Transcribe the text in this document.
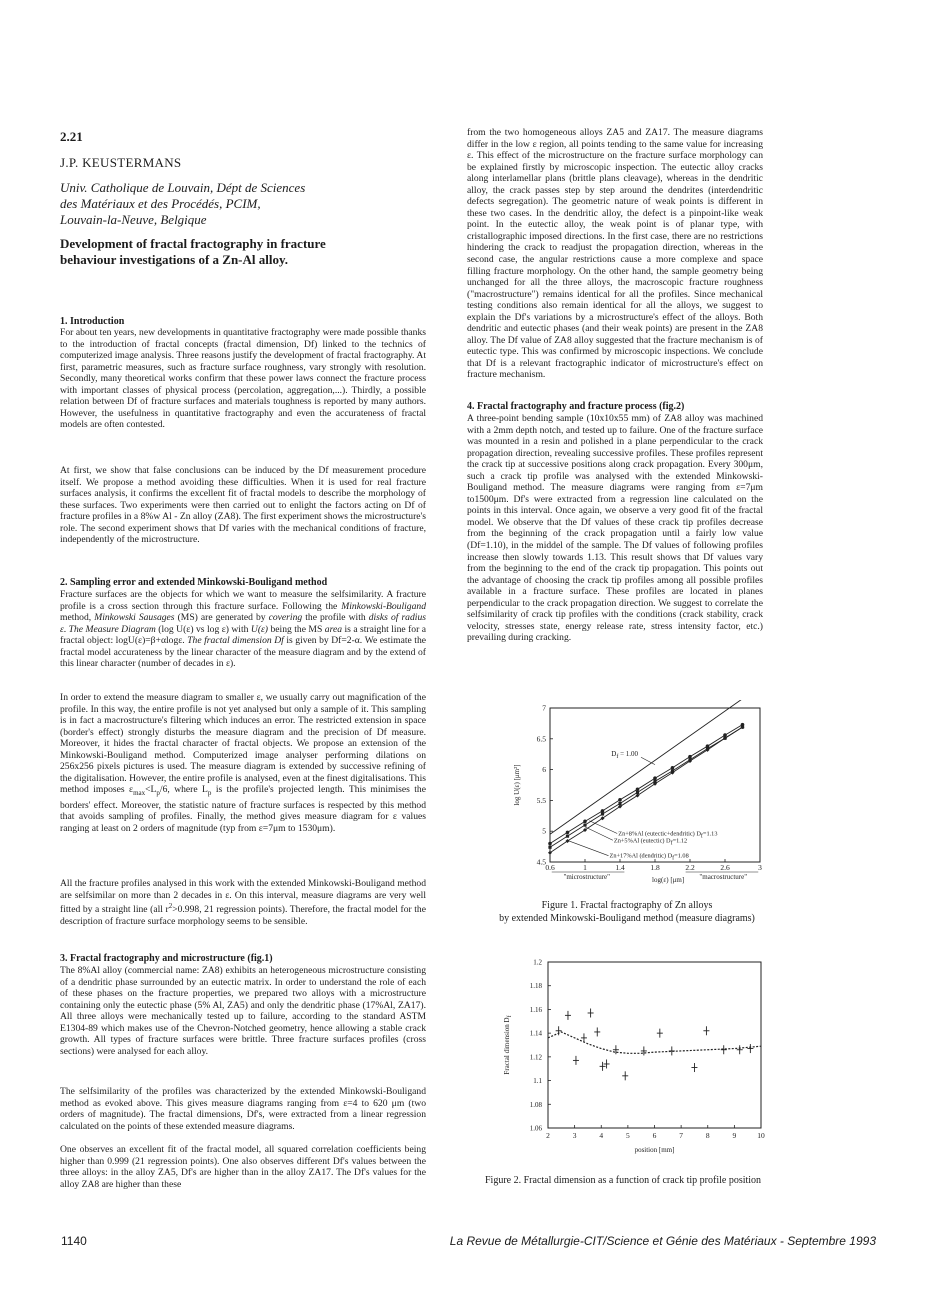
2.21
J.P. KEUSTERMANS
Univ. Catholique de Louvain, Dépt de Sciences
des Matériaux et des Procédés, PCIM,
Louvain-la-Neuve, Belgique
Development of fractal fractography in fracture
behaviour investigations of a Zn-Al alloy.
1. Introduction

For about ten years, new developments in quantitative fractography were made possible thanks to the introduction of fractal concepts (fractal dimension, Df) linked to the technics of computerized image analysis. Three reasons justify the development of fractal fractography. At first, parametric measures, such as fracture surface roughness, vary strongly with resolution. Secondly, many theoretical works confirm that these power laws connect the fracture process with important classes of physical process (percolation, aggregation,...). Thirdly, a possible relation between Df of fracture surfaces and materials toughness is reported by many authors. However, the usefulness in quantitative fractography and even the accurateness of fractal models are often contested.

At first, we show that false conclusions can be induced by the Df measurement procedure itself. We propose a method avoiding these difficulties. When it is used for real fracture surfaces analysis, it confirms the excellent fit of fractal models to describe the morphology of these surfaces. Two experiments were then carried out to enlight the factors acting on Df of fracture profiles in a 8%w Al - Zn alloy (ZA8). The first experiment shows the microstructure's role. The second experiment shows that Df varies with the mechanical conditions of fracture, independently of the microstructure.

2. Sampling error and extended Minkowski-Bouligand method

Fracture surfaces are the objects for which we want to measure the selfsimilarity. A fracture profile is a cross section through this fracture surface. Following the Minkowski-Bouligand method, Minkowski Sausages (MS) are generated by covering the profile with disks of radius ε. The Measure Diagram (log U(ε) vs log ε) with U(ε) being the MS area is a straight line for a fractal object: logU(ε)=β+αlogε. The fractal dimension Df is given by Df=2-α. We estimate the fractal model accurateness by the linear character of the measure diagram and by the extend of this linear character (number of decades in ε).

In order to extend the measure diagram to smaller ε, we usually carry out magnification of the profile. In this way, the entire profile is not yet analysed but only a sample of it. This sampling is in fact a macrostructure's filtering which induces an error. The restricted extension in space (border's effect) strongly disturbs the measure diagram and the precision of Df measure. Moreover, it hides the fractal character of fractal objects. We propose an extension of the Minkowski-Bouligand method. Computerized image analyser performing dilations on 256x256 pixels pictures is used. The measure diagram is extended by successive refining of the digitalisation. However, the entire profile is analysed, even at the finest digitalisations. This method imposes $\varepsilon_{max}<L_p/6$, where $L_p$ is the profile's projected length. This minimises the borders' effect. Moreover, the statistic nature of fracture surfaces is respected by this method that avoids sampling of profiles. Finally, the method gives measure diagram for ε values ranging at least on 2 orders of magnitude (typ from ε=7μm to 1530μm).

All the fracture profiles analysed in this work with the extended Minkowski-Bouligand method are selfsimilar on more than 2 decades in ε. On this interval, measure diagrams are very well fitted by a straight line (all $r^2>0.998$, 21 regression points). Therefore, the fractal model for the description of fracture surface morphology seems to be sensible.

3. Fractal fractography and microstructure (fig.1)

The 8%Al alloy (commercial name: ZA8) exhibits an heterogeneous microstructure consisting of a dendritic phase surrounded by an eutectic matrix. In order to understand the role of each of these phases on the fracture properties, we prepared two alloys with a microstructure containing only the eutectic phase (5% Al, ZA5) and only the dendritic phase (17%Al, ZA17). All three alloys were mechanically tested up to failure, according to the standard ASTM E1304-89 which makes use of the Chevron-Notched geometry, hence allowing a stable crack growth. All types of fracture surfaces were brittle. Three fracture surfaces profiles (cross sections) were analysed for each alloy.

The selfsimilarity of the profiles was characterized by the extended Minkowski-Bouligand method as evoked above. This gives measure diagrams ranging from ε=4 to 620 μm (two orders of magnitude). The fractal dimensions, Df's, were extracted from a linear regression calculated on the points of these extended measure diagrams.

One observes an excellent fit of the fractal model, all squared correlation coefficients being higher than 0.999 (21 regression points). One also observes different Df's values between the three alloys: in the alloy ZA5, Df's are higher than in the alloy ZA17. The Df's values for the alloy ZA8 are higher than these

from the two homogeneous alloys ZA5 and ZA17. The measure diagrams differ in the low ε region, all points tending to the same value for increasing ε. This effect of the microstructure on the fracture surface morphology can be explained firstly by microscopic inspection. The eutectic alloy cracks along interlamellar plans (brittle plans cleavage), whereas in the dendritic alloy, the crack passes step by step around the dendrites (interdendritic defects segregation). The geometric nature of weak points is different in these two cases. In the dendritic alloy, the defect is a pinpoint-like weak point. In the eutectic alloy, the weak point is of planar type, with cristallographic imposed directions. In the first case, there are no restrictions hindering the crack to readjust the propagation direction, whereas in the second case, the angular restrictions cause a more complexe and space filling fracture morphology. On the other hand, the sample geometry being unchanged for all the three alloys, the macroscopic fracture roughness ("macrostructure") remains identical for all the profiles. Since mechanical testing conditions also remain identical for all the alloys, we suggest to explain the Df's variations by a microstructure's effect of the alloys. Both dendritic and eutectic phases (and their weak points) are present in the ZA8 alloy. The Df value of ZA8 alloy suggested that the fracture mechanism is of eutectic type. This was confirmed by microscopic inspections. We conclude that Df is a relevant fractographic indicator of microstructure's effect on fracture mechanism.

4. Fractal fractography and fracture process (fig.2)

A three-point bending sample (10x10x55 mm) of ZA8 alloy was machined with a 2mm depth notch, and tested up to failure. One of the fracture surface was mounted in a resin and polished in a plane perpendicular to the crack propagation direction, revealing successive profiles. These profiles represent the crack tip at successive positions along crack propagation. Every 300μm, such a crack tip profile was analysed with the extended Minkowski-Bouligand method. The measure diagrams were ranging from ε=7μm to1500μm. Df's were extracted from a regression line calculated on the points in this interval. Once again, we observe a very good fit of the fractal model. We observe that the Df values of these crack tip profiles decrease from the beginning of the crack propagation until a fairly low value (Df=1.10), in the middel of the sample. The Df values of following profiles increase then slowly towards 1.13. This result shows that Df values vary from the beginning to the end of the crack tip propagation. This points out the advantage of choosing the crack tip profiles among all possible profiles available in a fracture surface. These profiles are located in planes perpendicular to the crack propagation direction. We suggest to correlate the selfsimilarity of crack tip profiles with the conditions (crack stability, crack velocity, stresses state, energy release rate, stress intensity factor, etc.) prevailing during cracking.

0.6	1	1.4	1.8	2.2	2.6	3
4.5
5
5.5
6
6.5
7
log(ε) [μm]
"microstructure"	"macrostructure"
log U(ε) [μm²]
Df = 1.00
Zn+8%Al (eutectic+dendritic) Df=1.13
Zn+5%Al (eutectic) Df=1.12
Zn+17%Al (dendritic) Df=1.08
Figure 1. Fractal fractography of Zn alloys
by extended Minkowski-Bouligand method (measure diagrams)
2	3	4	5	6	7	8	9	10
1.06
1.08
1.1
1.12
1.14
1.16
1.18
1.2
position [mm]
Fractal dimension Df
Figure 2. Fractal dimension as a function of crack tip profile position
1140	La Revue de Métallurgie-CIT/Science et Génie des Matériaux - Septembre 1993
